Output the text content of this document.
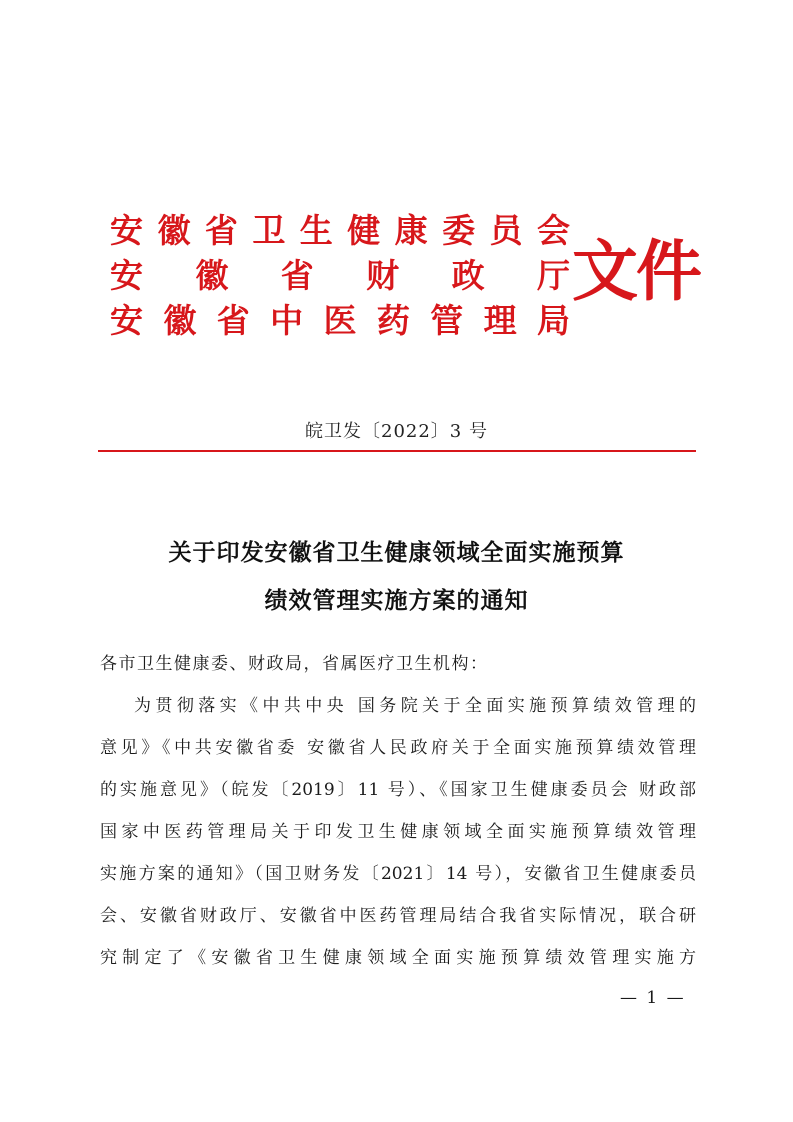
安 徽 省 卫 生 健 康 委 员 会
安 徽 省 财 政 厅
安 徽 省 中 医 药 管 理 局
文件
皖卫发〔2022〕3 号
关于印发安徽省卫生健康领域全面实施预算
绩效管理实施方案的通知
各市卫生健康委、财政局，省属医疗卫生机构：
为贯彻落实《中共中央 国务院关于全面实施预算绩效管理的
意见》《中共安徽省委 安徽省人民政府关于全面实施预算绩效管理
的实施意见》（皖发〔2019〕11 号）、《国家卫生健康委员会 财政部
国家中医药管理局关于印发卫生健康领域全面实施预算绩效管理
实施方案的通知》（国卫财务发〔2021〕14 号），安徽省卫生健康委员
会、安徽省财政厅、安徽省中医药管理局结合我省实际情况，联合研
究制定了《安徽省卫生健康领域全面实施预算绩效管理实施方
— 1 —
